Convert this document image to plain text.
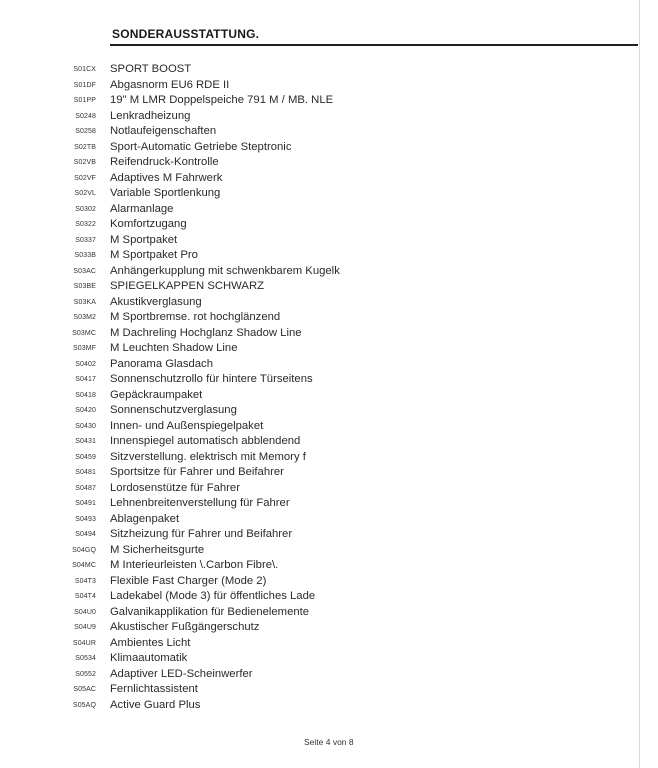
SONDERAUSSTATTUNG.
S01CX SPORT BOOST
S01DF Abgasnorm EU6 RDE II
S01PP 19" M LMR Doppelspeiche 791 M / MB. NLE
S0248 Lenkradheizung
S0258 Notlaufeigenschaften
S02TB Sport-Automatic Getriebe Steptronic
S02VB Reifendruck-Kontrolle
S02VF Adaptives M Fahrwerk
S02VL Variable Sportlenkung
S0302 Alarmanlage
S0322 Komfortzugang
S0337 M Sportpaket
S033B M Sportpaket Pro
S03AC Anhängerkupplung mit schwenkbarem Kugelk
S03BE SPIEGELKAPPEN SCHWARZ
S03KA Akustikverglasung
S03M2 M Sportbremse. rot hochglänzend
S03MC M Dachreling Hochglanz Shadow Line
S03MF M Leuchten Shadow Line
S0402 Panorama Glasdach
S0417 Sonnenschutzrollo für hintere Türseitens
S0418 Gepäckraumpaket
S0420 Sonnenschutzverglasung
S0430 Innen- und Außenspiegelpaket
S0431 Innenspiegel automatisch abblendend
S0459 Sitzverstellung. elektrisch mit Memory f
S0481 Sportsitze für Fahrer und Beifahrer
S0487 Lordosenstütze für Fahrer
S0491 Lehnenbreitenverstellung für Fahrer
S0493 Ablagenpaket
S0494 Sitzheizung für Fahrer und Beifahrer
S04GQ M Sicherheitsgurte
S04MC M Interieurleisten \.Carbon Fibre\.
S04T3 Flexible Fast Charger (Mode 2)
S04T4 Ladekabel (Mode 3) für öffentliches Lade
S04U0 Galvanikapplikation für Bedienelemente
S04U9 Akustischer Fußgängerschutz
S04UR Ambientes Licht
S0534 Klimaautomatik
S0552 Adaptiver LED-Scheinwerfer
S05AC Fernlichtassistent
S05AQ Active Guard Plus
Seite 4 von 8
